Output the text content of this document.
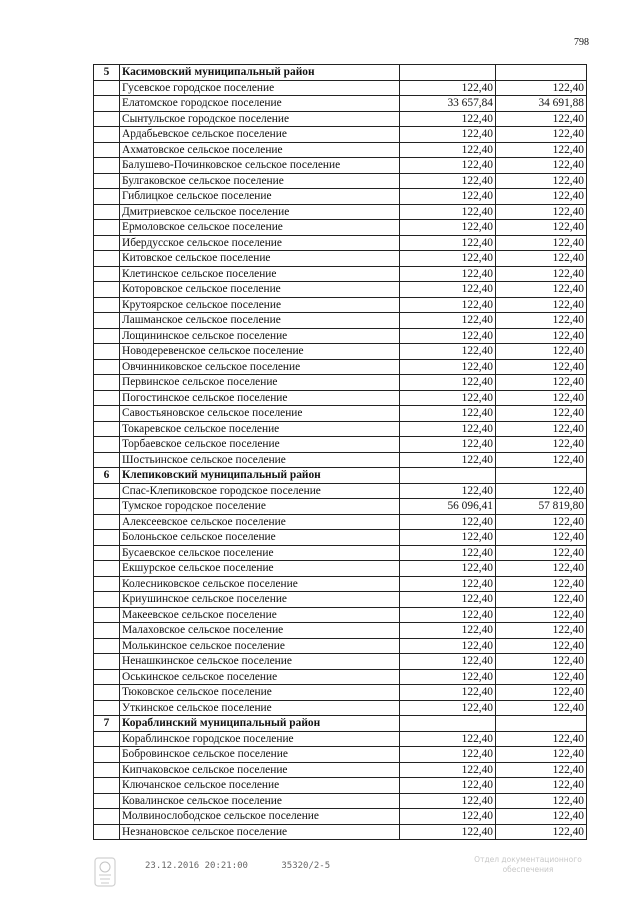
798
5	Касимовский муниципальный район		
	Гусевское городское поселение	122,40	122,40
	Елатомское городское поселение	33 657,84	34 691,88
	Сынтульское городское поселение	122,40	122,40
	Ардабьевское сельское поселение	122,40	122,40
	Ахматовское сельское поселение	122,40	122,40
	Балушево-Починковское сельское поселение	122,40	122,40
	Булгаковское сельское поселение	122,40	122,40
	Гиблицкое сельское поселение	122,40	122,40
	Дмитриевское сельское поселение	122,40	122,40
	Ермоловское сельское поселение	122,40	122,40
	Ибердусское сельское поселение	122,40	122,40
	Китовское сельское поселение	122,40	122,40
	Клетинское сельское поселение	122,40	122,40
	Которовское сельское поселение	122,40	122,40
	Крутоярское сельское поселение	122,40	122,40
	Лашманское сельское поселение	122,40	122,40
	Лощининское сельское поселение	122,40	122,40
	Новодеревенское сельское поселение	122,40	122,40
	Овчинниковское сельское поселение	122,40	122,40
	Первинское сельское поселение	122,40	122,40
	Погостинское сельское поселение	122,40	122,40
	Савостьяновское сельское поселение	122,40	122,40
	Токаревское сельское поселение	122,40	122,40
	Торбаевское сельское поселение	122,40	122,40
	Шостьинское сельское поселение	122,40	122,40
6	Клепиковский муниципальный район		
	Спас-Клепиковское городское поселение	122,40	122,40
	Тумское городское поселение	56 096,41	57 819,80
	Алексеевское сельское поселение	122,40	122,40
	Болоньское сельское поселение	122,40	122,40
	Бусаевское сельское поселение	122,40	122,40
	Екшурское сельское поселение	122,40	122,40
	Колесниковское сельское поселение	122,40	122,40
	Криушинское сельское поселение	122,40	122,40
	Макеевское сельское поселение	122,40	122,40
	Малаховское сельское поселение	122,40	122,40
	Молькинское сельское поселение	122,40	122,40
	Ненашкинское сельское поселение	122,40	122,40
	Оськинское сельское поселение	122,40	122,40
	Тюковское сельское поселение	122,40	122,40
	Уткинское сельское поселение	122,40	122,40
7	Кораблинский муниципальный район		
	Кораблинское городское поселение	122,40	122,40
	Бобровинское сельское поселение	122,40	122,40
	Кипчаковское сельское поселение	122,40	122,40
	Ключанское сельское поселение	122,40	122,40
	Ковалинское сельское поселение	122,40	122,40
	Молвинослободское сельское поселение	122,40	122,40
	Незнановское сельское поселение	122,40	122,40
23.12.2016 20:21:00	35320/2-5
Отдел документационного
обеспечения
